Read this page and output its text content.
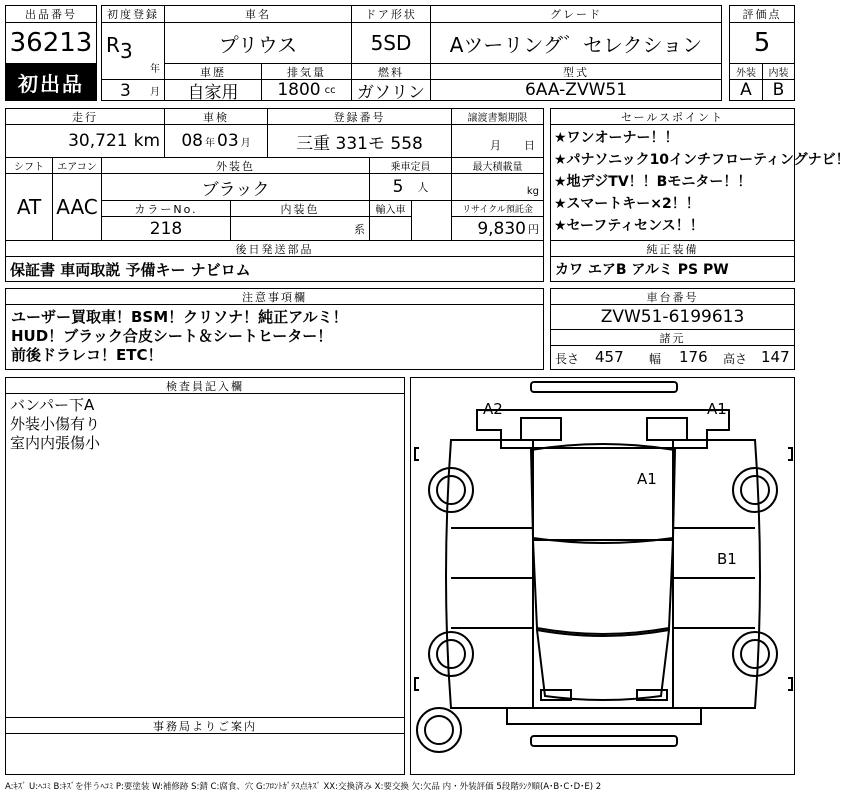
出品番号
36213
初出品
初度登録
R 3
年
3 月
車名
プリウス
ドア形状
5SD
グレード
Aツーリング゛セレクション
評価点
5
車歴
自家用
排気量
1800 cc
燃料
ガソリン
型式
6AA-ZVW51
外装
A
内装
B
走行
30,721 km
車検
08 年 03 月
登録番号
三重 331モ 558
譲渡書類期限
月 日
シフト
AT
エアコン
AAC
外装色
ブラック
乗車定員
5 人
最大積載量
kg
カラーNo.
218
内装色
系
輸入車	リサイクル預託金
9,830 円
後日発送部品
保証書 車両取説 予備キー ナビロム
セールスポイント
★ワンオーナー！！
★パナソニック10インチフローティングナビ！
★地デジTV！！Bモニター！！
★スマートキー×2！！
★セーフティセンス！！
純正装備
カワ エアB アルミ PS PW
注意事項欄
ユーザー買取車！BSM！クリソナ！純正アルミ！
HUD！ブラック合皮シート＆シートヒーター！
前後ドラレコ！ETC！
車台番号
ZVW51-6199613
諸元
長さ 457 幅 176 高さ 147
検査員記入欄
バンパー下A
外装小傷有り
室内内張傷小
事務局よりご案内
A2	A1
A1
B1
A:ｷｽﾞ U:ﾍｺﾐ B:ｷｽﾞを伴うﾍｺﾐ P:要塗装 W:補修跡 S:錆 C:腐食、穴 G:ﾌﾛﾝﾄｶﾞﾗｽ点ｷｽﾞ XX:交換済み X:要交換 欠:欠品 内・外装評価 5段階ﾗﾝｸ順(A･B･C･D･E) 2
